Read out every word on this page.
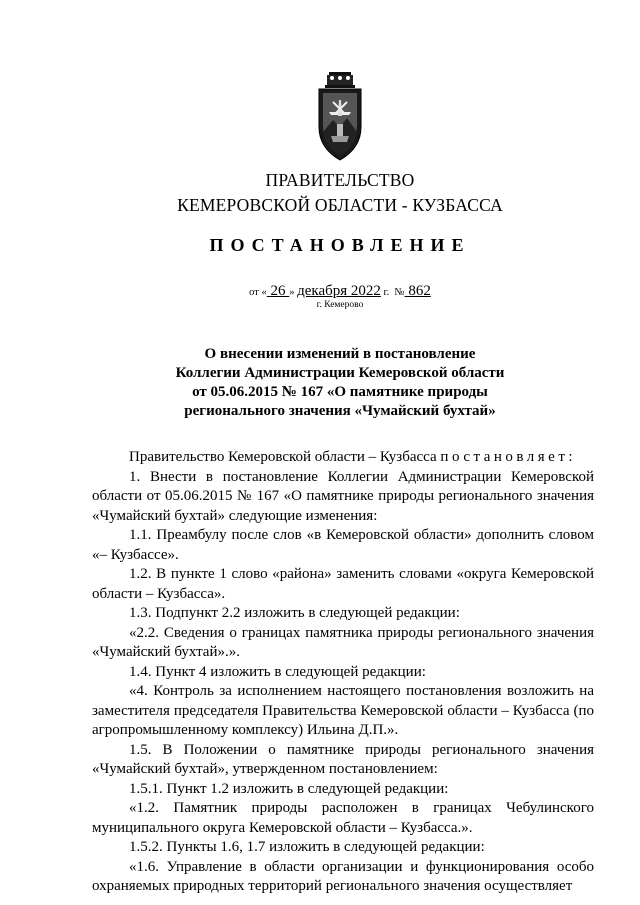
ПРАВИТЕЛЬСТВО
КЕМЕРОВСКОЙ ОБЛАСТИ - КУЗБАССА
ПОСТАНОВЛЕНИЕ
от « 26 » декабря 2022 г. № 862
г. Кемерово
О внесении изменений в постановление
Коллегии Администрации Кемеровской области
от 05.06.2015 № 167 «О памятнике природы
регионального значения «Чумайский бухтай»

Правительство Кемеровской области – Кузбасса постановляет:

1. Внести в постановление Коллегии Администрации Кемеровской области от 05.06.2015 № 167 «О памятнике природы регионального значения «Чумайский бухтай» следующие изменения:

1.1. Преамбулу после слов «в Кемеровской области» дополнить словом «– Кузбассе».

1.2. В пункте 1 слово «района» заменить словами «округа Кемеровской области – Кузбасса».

1.3. Подпункт 2.2 изложить в следующей редакции:

«2.2. Сведения о границах памятника природы регионального значения «Чумайский бухтай».».

1.4. Пункт 4 изложить в следующей редакции:

«4. Контроль за исполнением настоящего постановления возложить на заместителя председателя Правительства Кемеровской области – Кузбасса (по агропромышленному комплексу) Ильина Д.П.».

1.5. В Положении о памятнике природы регионального значения «Чумайский бухтай», утвержденном постановлением:

1.5.1. Пункт 1.2 изложить в следующей редакции:

«1.2. Памятник природы расположен в границах Чебулинского муниципального округа Кемеровской области – Кузбасса.».

1.5.2. Пункты 1.6, 1.7 изложить в следующей редакции:

«1.6. Управление в области организации и функционирования особо охраняемых природных территорий регионального значения осуществляет
